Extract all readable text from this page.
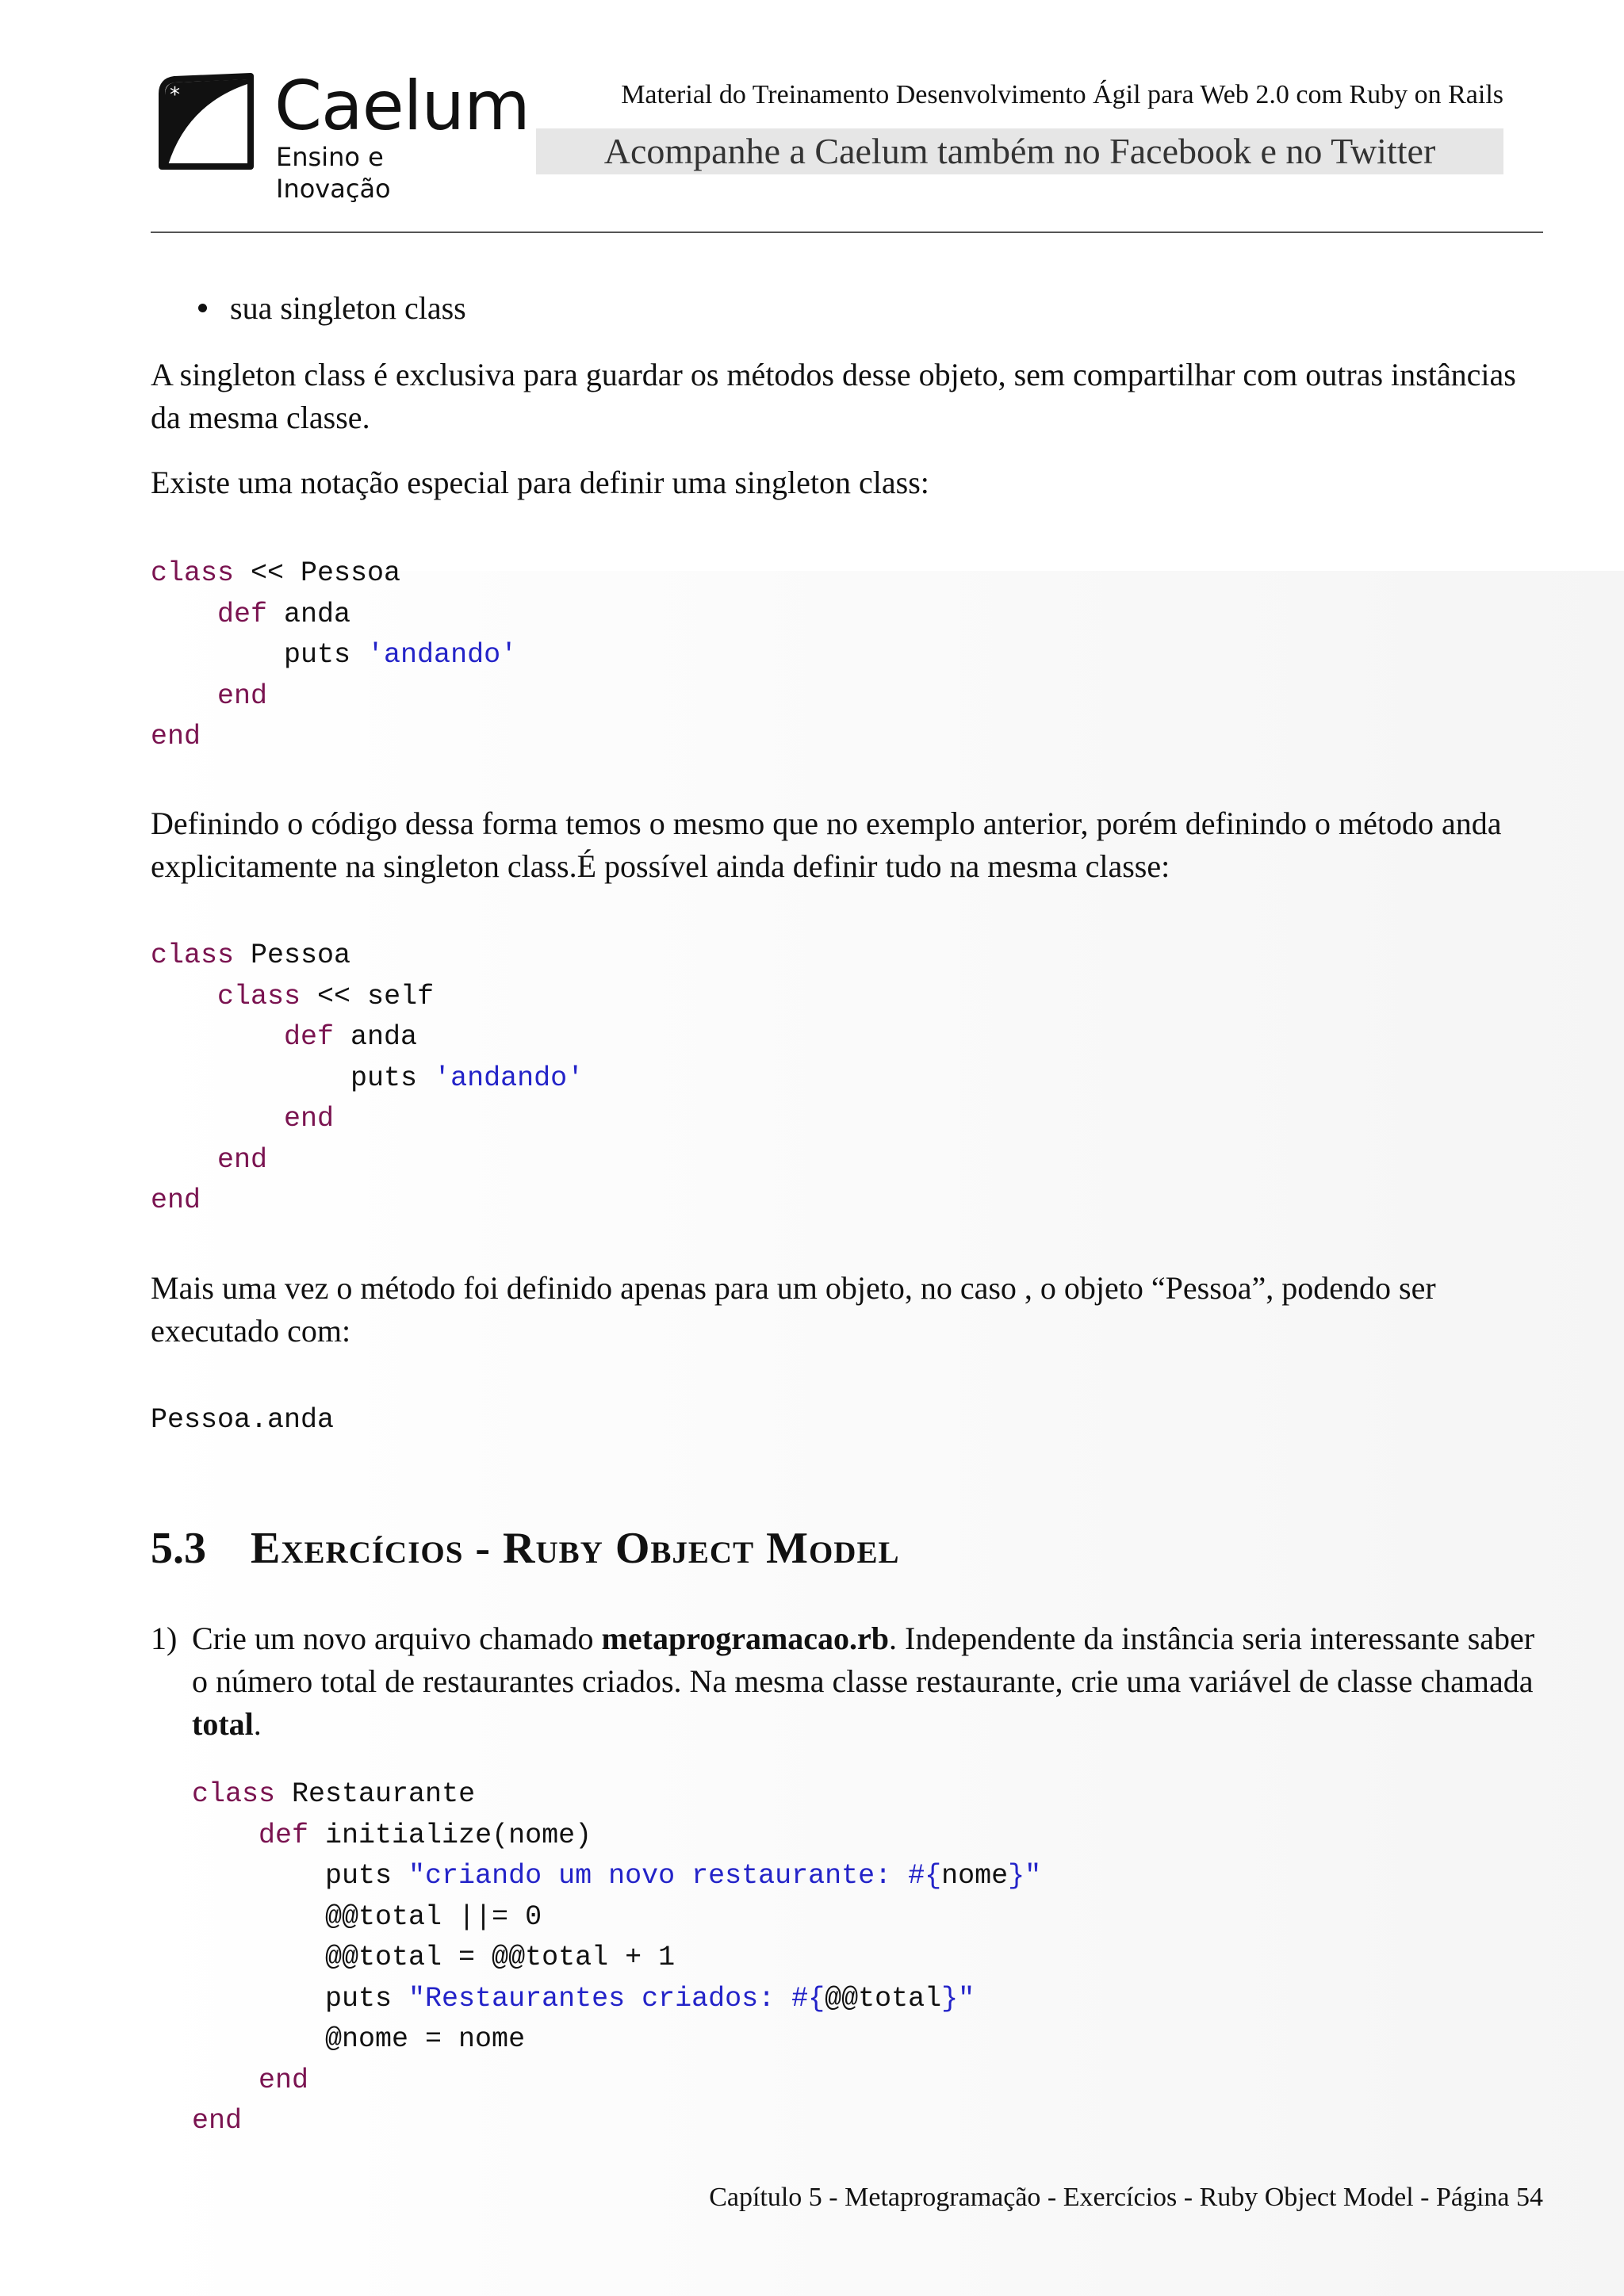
* Caelum
Ensino e Inovação
Material do Treinamento Desenvolvimento Ágil para Web 2.0 com Ruby on Rails
Acompanhe a Caelum também no Facebook e no Twitter
sua singleton class

A singleton class é exclusiva para guardar os métodos desse objeto, sem compartilhar com outras instâncias da mesma classe.

Existe uma notação especial para definir uma singleton class:

class << Pessoa
def anda
puts 'andando'
end
end

Definindo o código dessa forma temos o mesmo que no exemplo anterior, porém definindo o método anda explicitamente na singleton class.É possível ainda definir tudo na mesma classe:

class Pessoa
class << self
def anda
puts 'andando'
end
end
end

Mais uma vez o método foi definido apenas para um objeto, no caso , o objeto “Pessoa”, podendo ser executado com:

Pessoa.anda
5.3 Exercícios - Ruby Object Model
1) Crie um novo arquivo chamado metaprogramacao.rb. Independente da instância seria interessante saber o número total de restaurantes criados. Na mesma classe restaurante, crie uma variável de classe chamada total.

class Restaurante
def initialize(nome)
puts "criando um novo restaurante: #{nome}"
@@total ||= 0
@@total = @@total + 1
puts "Restaurantes criados: #{@@total}"
@nome = nome
end
end
Capítulo 5 - Metaprogramação - Exercícios - Ruby Object Model - Página 54
